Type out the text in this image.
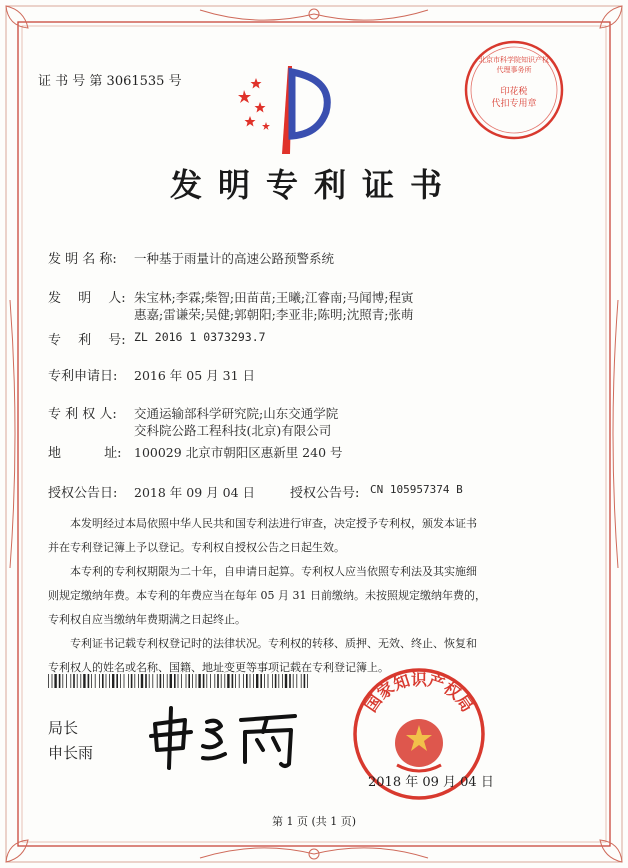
证 书 号 第 3061535 号
北京市科学院知识产权
代理事务所
印花税
代扣专用章
发明专利证书
发 明 名 称: 一种基于雨量计的高速公路预警系统
发　 明　 人: 朱宝林;李霖;柴智;田苗苗;王曦;江睿南;马闻博;程寅
惠嘉;雷谦荣;吴健;郭朝阳;李亚非;陈明;沈照青;张萌
专　 利　 号: ZL 2016 1 0373293.7
专利申请日: 2016 年 05 月 31 日
专 利 权 人: 交通运输部科学研究院;山东交通学院
交科院公路工程科技(北京)有限公司
地　　　 址: 100029 北京市朝阳区惠新里 240 号
授权公告日: 2018 年 09 月 04 日	授权公告号: CN 105957374 B
　　本发明经过本局依照中华人民共和国专利法进行审查，决定授予专利权，颁发本证书
并在专利登记簿上予以登记。专利权自授权公告之日起生效。
　　本专利的专利权期限为二十年，自申请日起算。专利权人应当依照专利法及其实施细
则规定缴纳年费。本专利的年费应当在每年 05 月 31 日前缴纳。未按照规定缴纳年费的，
专利权自应当缴纳年费期满之日起终止。
　　专利证书记载专利权登记时的法律状况。专利权的转移、质押、无效、终止、恢复和
专利权人的姓名或名称、国籍、地址变更等事项记载在专利登记簿上。
局长
申长雨
国家知识产权局
2018 年 09 月 04 日
第 1 页 (共 1 页)
